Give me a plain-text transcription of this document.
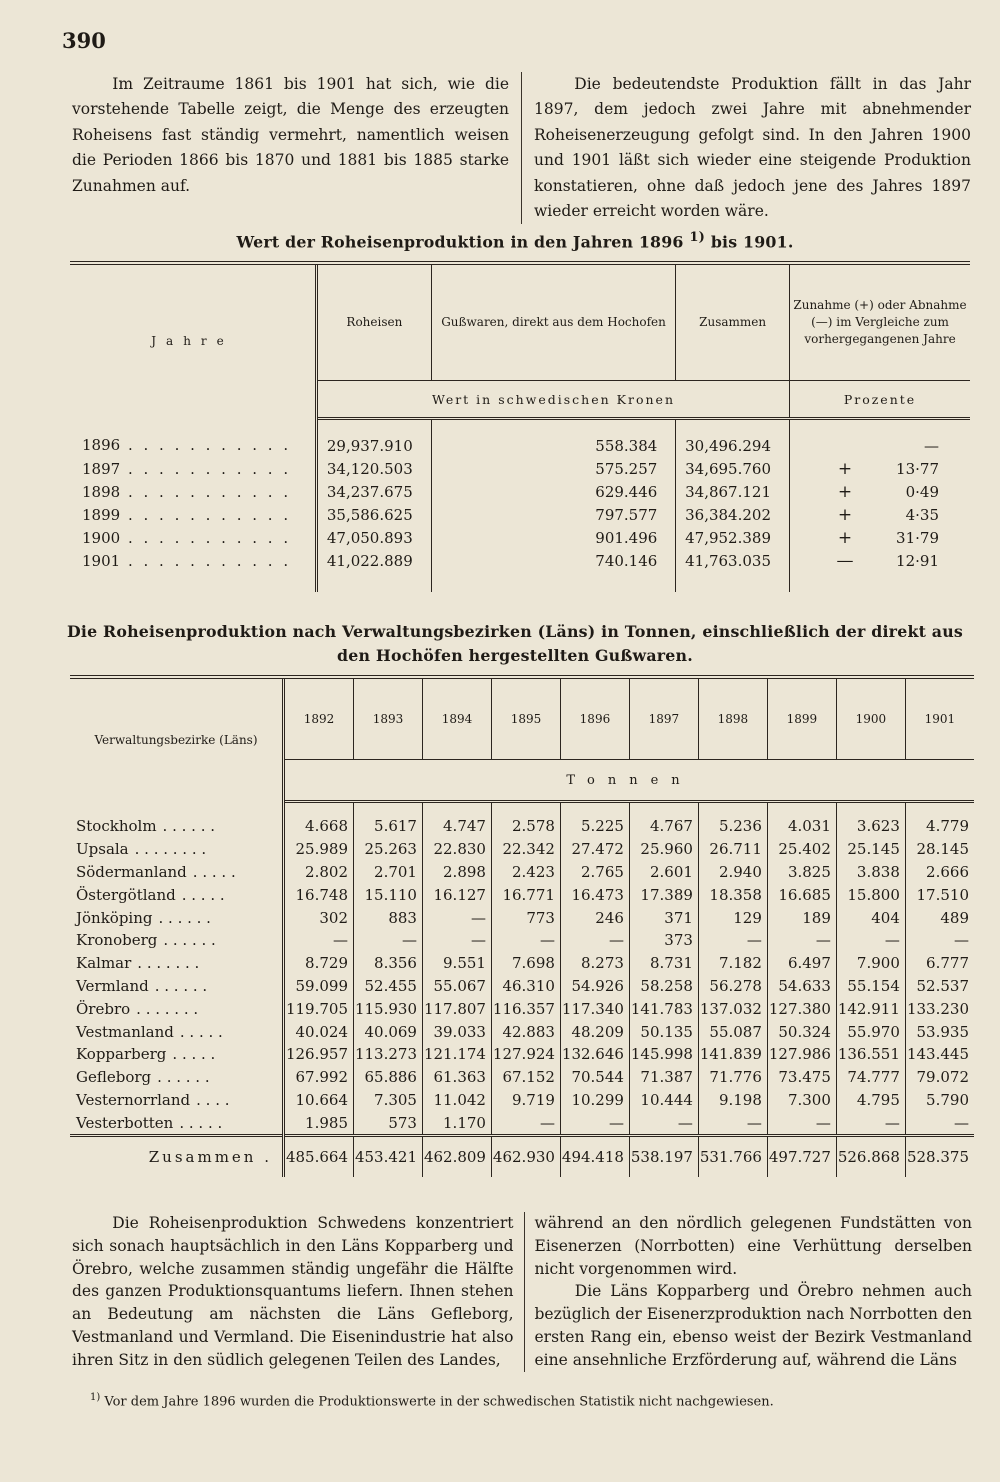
390

Im Zeitraume 1861 bis 1901 hat sich, wie die vorstehende Tabelle zeigt, die Menge des erzeugten Roheisens fast ständig vermehrt, namentlich weisen die Perioden 1866 bis 1870 und 1881 bis 1885 starke Zunahmen auf.

Die bedeutendste Produktion fällt in das Jahr 1897, dem jedoch zwei Jahre mit abnehmender Roheisenerzeugung gefolgt sind. In den Jahren 1900 und 1901 läßt sich wieder eine steigende Produktion konstatieren, ohne daß jedoch jene des Jahres 1897 wieder erreicht worden wäre.

Wert der Roheisenproduktion in den Jahren 1896 $^{1)}$ bis 1901.
Jahre	Roheisen	Gußwaren, direkt aus dem Hochofen	Zusammen	Zunahme (+) oder Abnahme (—) im Vergleiche zum vorhergegangenen Jahre
	Wert in schwedischen Kronen			Prozente
1896 . . . . . . . . . . .	29,937.910	558.384	30,496.294	—
1897 . . . . . . . . . . .	34,120.503	575.257	34,695.760	+ 13·77
1898 . . . . . . . . . . .	34,237.675	629.446	34,867.121	+ 0·49
1899 . . . . . . . . . . .	35,586.625	797.577	36,384.202	+ 4·35
1900 . . . . . . . . . . .	47,050.893	901.496	47,952.389	+ 31·79
1901 . . . . . . . . . . .	41,022.889	740.146	41,763.035	— 12·91
Die Roheisenproduktion nach Verwaltungsbezirken (Läns) in Tonnen, einschließlich der direkt aus
den Hochöfen hergestellten Gußwaren.
Verwaltungsbezirke (Läns)	1892	1893	1894	1895	1896	1897	1898	1899	1900	1901
	Tonnen									
Stockholm . . . . . .	4.668	5.617	4.747	2.578	5.225	4.767	5.236	4.031	3.623	4.779
Upsala . . . . . . . .	25.989	25.263	22.830	22.342	27.472	25.960	26.711	25.402	25.145	28.145
Södermanland . . . . .	2.802	2.701	2.898	2.423	2.765	2.601	2.940	3.825	3.838	2.666
Östergötland . . . . .	16.748	15.110	16.127	16.771	16.473	17.389	18.358	16.685	15.800	17.510
Jönköping . . . . . .	302	883	—	773	246	371	129	189	404	489
Kronoberg . . . . . .	—	—	—	—	—	373	—	—	—	—
Kalmar . . . . . . .	8.729	8.356	9.551	7.698	8.273	8.731	7.182	6.497	7.900	6.777
Vermland . . . . . .	59.099	52.455	55.067	46.310	54.926	58.258	56.278	54.633	55.154	52.537
Örebro . . . . . . .	119.705	115.930	117.807	116.357	117.340	141.783	137.032	127.380	142.911	133.230
Vestmanland . . . . .	40.024	40.069	39.033	42.883	48.209	50.135	55.087	50.324	55.970	53.935
Kopparberg . . . . .	126.957	113.273	121.174	127.924	132.646	145.998	141.839	127.986	136.551	143.445
Gefleborg . . . . . .	67.992	65.886	61.363	67.152	70.544	71.387	71.776	73.475	74.777	79.072
Vesternorrland . . . .	10.664	7.305	11.042	9.719	10.299	10.444	9.198	7.300	4.795	5.790
Vesterbotten . . . . .	1.985	573	1.170	—	—	—	—	—	—	—
Zusammen .	485.664	453.421	462.809	462.930	494.418	538.197	531.766	497.727	526.868	528.375

Die Roheisenproduktion Schwedens konzentriert sich sonach hauptsächlich in den Läns Kopparberg und Örebro, welche zusammen ständig ungefähr die Hälfte des ganzen Produktionsquantums liefern. Ihnen stehen an Bedeutung am nächsten die Läns Gefleborg, Vestmanland und Vermland. Die Eisenindustrie hat also ihren Sitz in den südlich gelegenen Teilen des Landes,

während an den nördlich gelegenen Fundstätten von Eisenerzen (Norrbotten) eine Verhüttung derselben nicht vorgenommen wird.

Die Läns Kopparberg und Örebro nehmen auch bezüglich der Eisenerzproduktion nach Norrbotten den ersten Rang ein, ebenso weist der Bezirk Vestmanland eine ansehnliche Erzförderung auf, während die Läns

$^{1)}$ Vor dem Jahre 1896 wurden die Produktionswerte in der schwedischen Statistik nicht nachgewiesen.
